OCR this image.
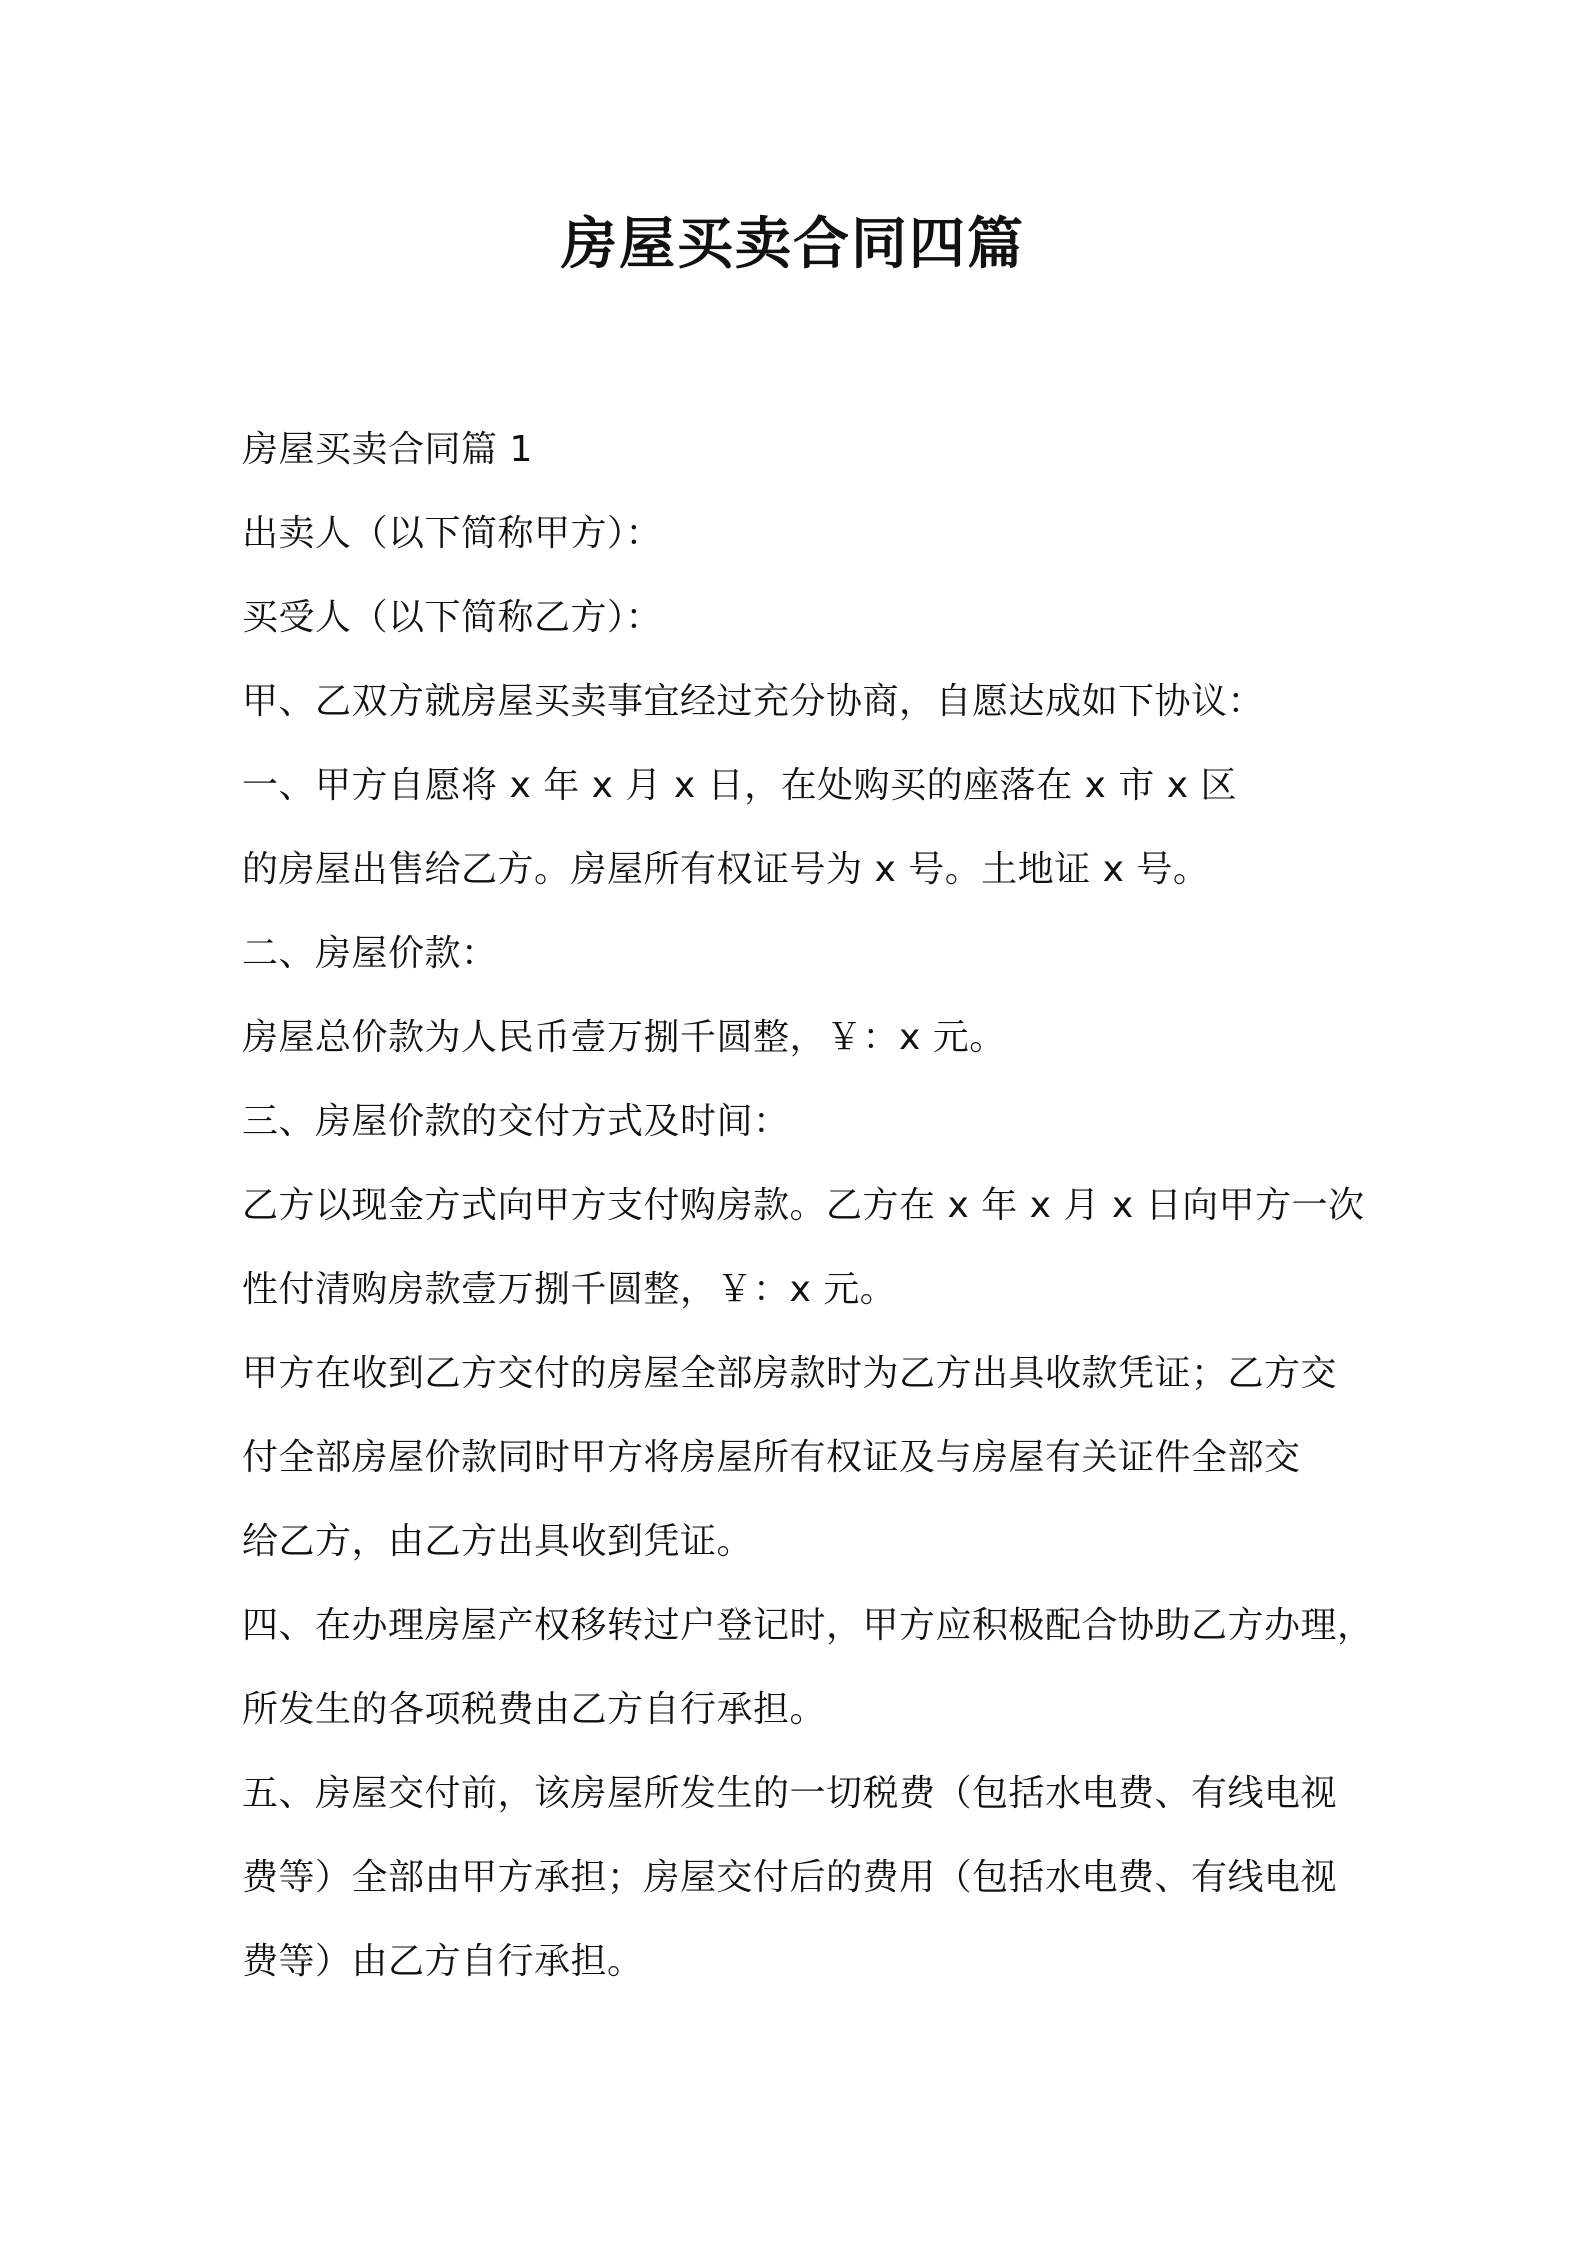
房屋买卖合同四篇
房屋买卖合同篇 1
出卖人（以下简称甲方）：
买受人（以下简称乙方）：
甲、乙双方就房屋买卖事宜经过充分协商，自愿达成如下协议：
一、甲方自愿将 x 年 x 月 x 日，在处购买的座落在 x 市 x 区
的房屋出售给乙方。房屋所有权证号为 x 号。土地证 x 号。
二、房屋价款：
房屋总价款为人民币壹万捌千圆整，￥：x 元。
三、房屋价款的交付方式及时间：
乙方以现金方式向甲方支付购房款。乙方在 x 年 x 月 x 日向甲方一次
性付清购房款壹万捌千圆整，￥：x 元。
甲方在收到乙方交付的房屋全部房款时为乙方出具收款凭证；乙方交
付全部房屋价款同时甲方将房屋所有权证及与房屋有关证件全部交
给乙方，由乙方出具收到凭证。
四、在办理房屋产权移转过户登记时，甲方应积极配合协助乙方办理，
所发生的各项税费由乙方自行承担。
五、房屋交付前，该房屋所发生的一切税费（包括水电费、有线电视
费等）全部由甲方承担；房屋交付后的费用（包括水电费、有线电视
费等）由乙方自行承担。
